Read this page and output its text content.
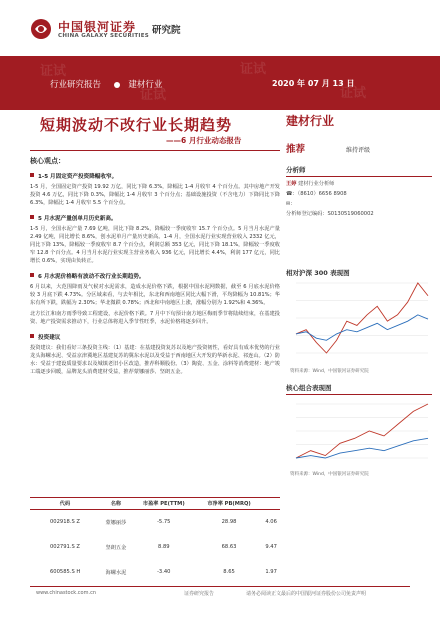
中国银河证券
CHINA GALAXY SECURITIES 研究院
证试
证试
证试
证试
行业研究报告	建材行业	2020 年 07 月 13 日
短期波动不改行业长期趋势
——6 月行业动态报告
建材行业
推荐	维持评级
分析师
王婷 建材行业分析师
☎：（8610）6656 8908
✉：
分析师登记编码：S0130519060002
相对沪深 300 表现图
资料来源：Wind，中国银河证券研究院
核心组合表现图
资料来源：Wind，中国银河证券研究院
核心观点：
1-5 月固定资产投资降幅收窄。
1-5 月，全国固定资产投资 19.92 万亿，同比下降 6.3%，降幅比 1-4 月收窄 4 个百分点。其中房地产开发投资 4.6 万亿，同比下降 0.3%，降幅比 1-4 月收窄 3 个百分点；基础设施投资（不含电力）下降同比下降 6.3%，降幅比 1-4 月收窄 5.5 个百分点。
5 月水泥产量创单月历史新高。
1-5 月，全国水泥产量 7.69 亿吨，同比下降 8.2%，降幅较一季度收窄 15.7 个百分点。5 月当月水泥产量 2.49 亿吨，同比增长 8.6%，创水泥单月产量历史新高。1-4 月，全国水泥行业实现营业收入 2332 亿元，同比下降 13%，降幅较一季度收窄 8.7 个百分点，利润总额 353 亿元，同比下降 18.1%，降幅较一季度收窄 12.8 个百分点。4 月当月水泥行业实现主营业务收入 936 亿元，同比增长 4.4%，利润 177 亿元，同比增长 0.6%，实现由负转正。
6 月水泥价格略有波动不改行业长期趋势。
6 月以来，大范围降雨及气候对水泥需求，造成水泥价格下跌，根据中国水泥网数据，截至 6 月底水泥价格较 3 月底下跌 4.73%。分区域来看，与去年相比，东北和西南地区同比大幅下滑，平均降幅为 10.81%；华东有所下跌，跌幅为 2.30%；华北微跌 0.78%；西北和中南地区上涨，涨幅分别为 1.92%和 4.36%。
北方长江和南方雨季导致工程建设，水泥价格下跌。7 月中下旬预计南方地区梅雨季节将陆续结束，在基建投资、地产投资需求推动下，行业总体将进入季节性旺季，水泥价格将逐步回升。
投资建议
投资建议：我们看好三条投资主线：（1）基建：在基建投资复苏以及地产投资韧性，看好具有成本优势的行业龙头海螺水泥、受益京津冀地区基建复苏的冀东水泥以及受益于西南地区大开发的华新水泥、祁连山。（2）防水：受益于建设质量要求以及城镇老旧小区改造，推荐科顺股份。（3）陶瓷、五金、涂料等消费建材：地产竣工端逐步回暖，品牌龙头消费建材受益，推荐蒙娜丽莎、坚朗五金。
代码	名称	市盈率 PE(TTM)	市净率 PB(MRQ)	
002918.S Z	蒙娜丽莎	-5.75	28.98	4.06
002791.S Z	坚朗五金	8.89	68.63	9.47
600585.S H	海螺水泥	-3.40	8.65	1.97
www.chinastock.com.cn	证券研究报告	请务必阅读正文最后的中国银河证券股份公司免责声明
